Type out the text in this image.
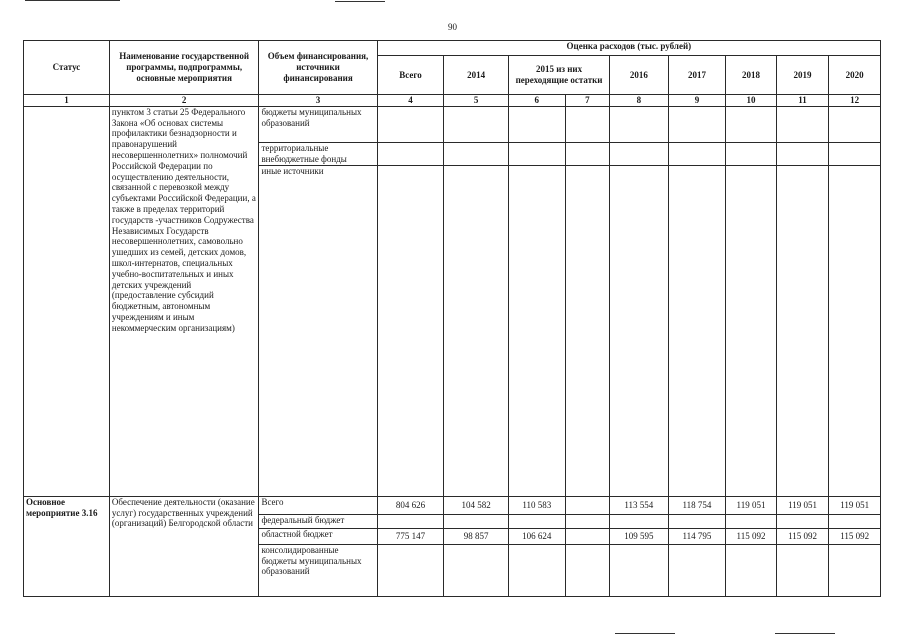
90
Статус	Наименование государственной программы, подпрограммы, основные мероприятия	Объем финансирования, источники финансирования	Оценка расходов (тыс. рублей)								
			Всего	2014	2015 из них переходящие остатки		2016	2017	2018	2019	2020
1	2	3	4	5	6	7	8	9	10	11	12
	пунктом 3 статьи 25 Федерального Закона «Об основах системы профилактики безнадзорности и правонарушений несовершеннолетних» полномочий Российской Федерации по осуществлению деятельности, связанной с перевозкой между субъектами Российской Федерации, а также в пределах территорий государств -участников Содружества Независимых Государств несовершеннолетних, самовольно ушедших из семей, детских домов, школ-интернатов, специальных учебно-воспитательных и иных детских учреждений (предоставление субсидий бюджетным, автономным учреждениям и иным некоммерческим организациям)	бюджеты муниципальных образований									
		территориальные внебюджетные фонды									
		иные источники									
Основное мероприятие 3.16	Обеспечение деятельности (оказание услуг) государственных учреждений (организаций) Белгородской области	Всего	804 626	104 582	110 583		113 554	118 754	119 051	119 051	119 051
		федеральный бюджет									
		областной бюджет	775 147	98 857	106 624		109 595	114 795	115 092	115 092	115 092
		консолидированные бюджеты муниципальных образований									
